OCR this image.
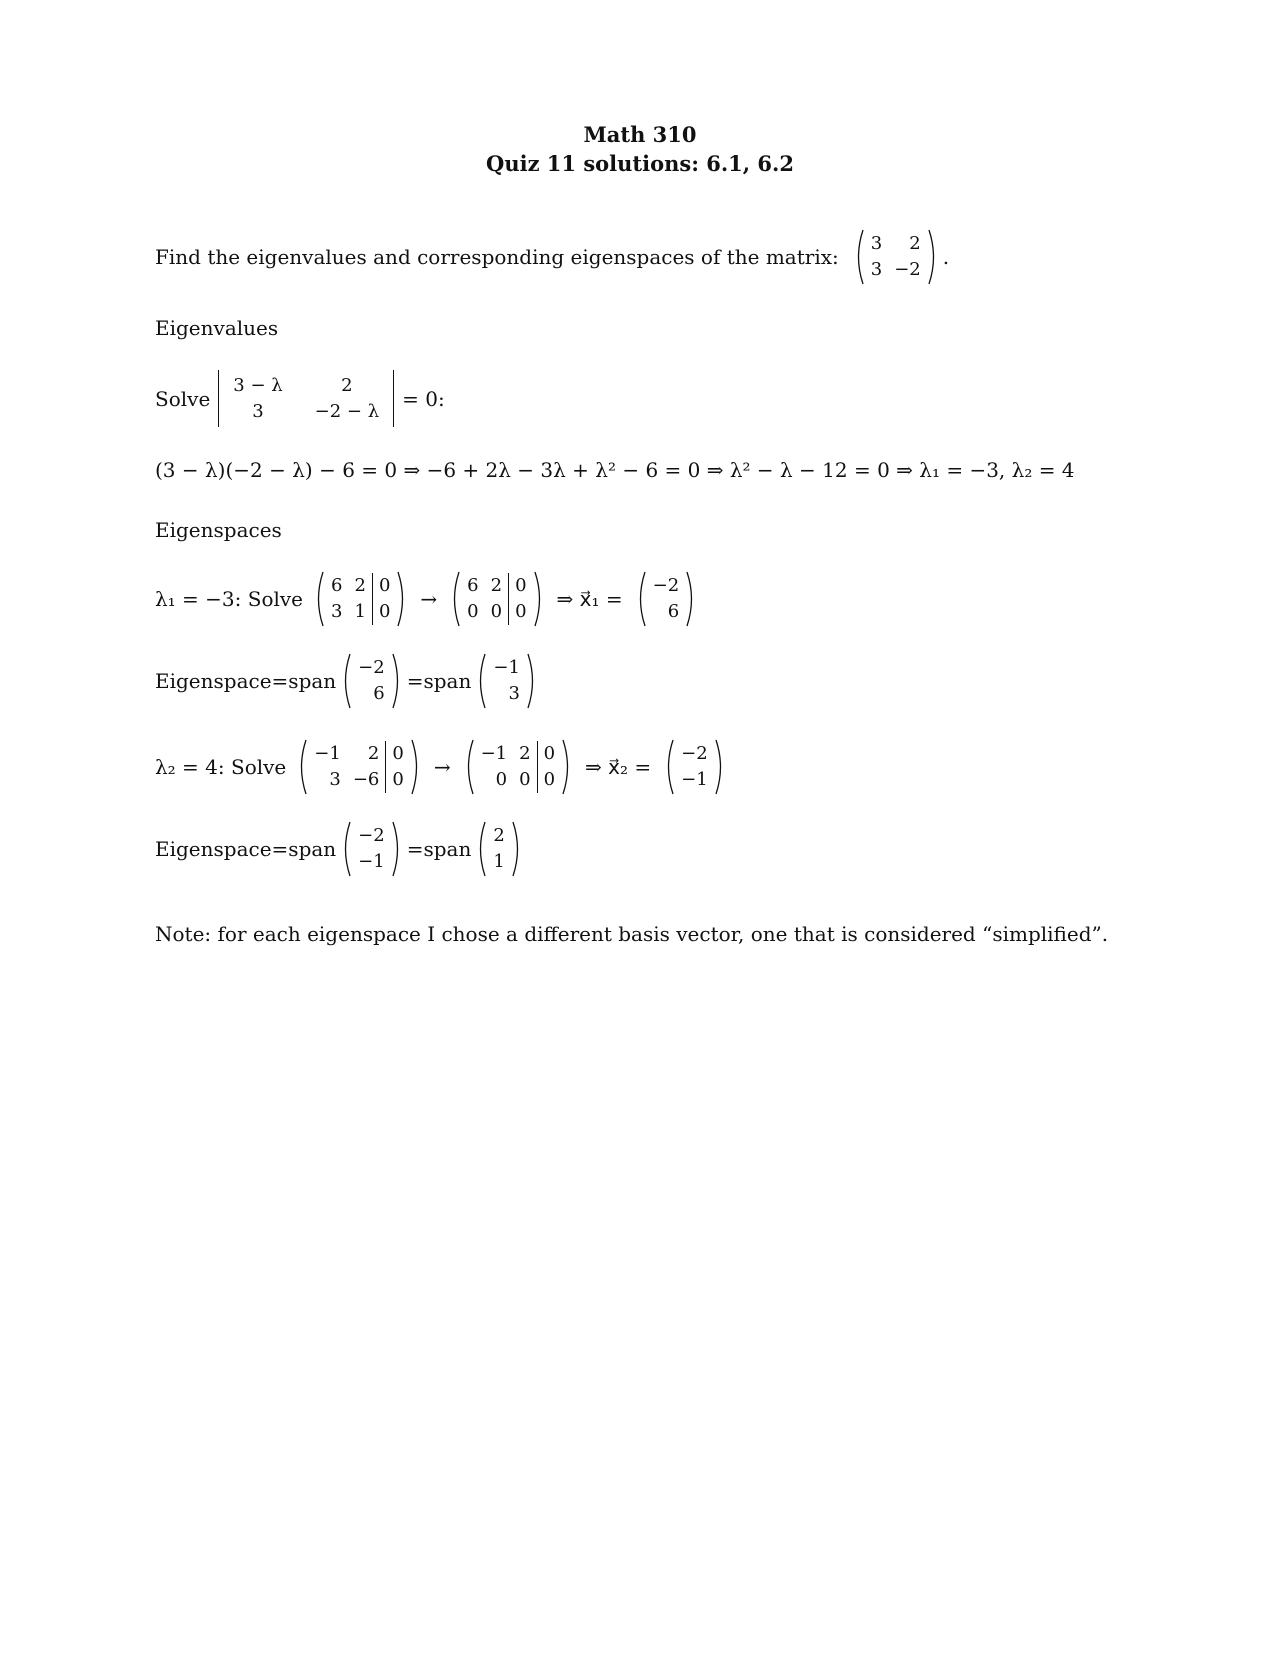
Math 310
Quiz 11 solutions: 6.1, 6.2
Find the eigenvalues and corresponding eigenspaces of the matrix:
3	2
3 −2
.
Eigenvalues
Solve
3 − λ	2
3	−2 − λ
= 0:
(3 − λ)(−2 − λ) − 6 = 0 ⇒ −6 + 2λ − 3λ + λ² − 6 = 0 ⇒ λ² − λ − 12 = 0 ⇒ λ₁ = −3, λ₂ = 4
Eigenspaces
λ₁ = −3: Solve
6 2 0
3 1 0
→
6 2 0
0 0 0
⇒ x⃗₁ =
−2
6
Eigenspace=span
−2
6
=span
−1
3
λ₂ = 4: Solve
−1	2 0
3 −6 0
→
−1 2 0
0 0 0
⇒ x⃗₂ =
−2
−1
Eigenspace=span
−2
−1
=span
2
1
Note: for each eigenspace I chose a different basis vector, one that is considered “simplified”.
